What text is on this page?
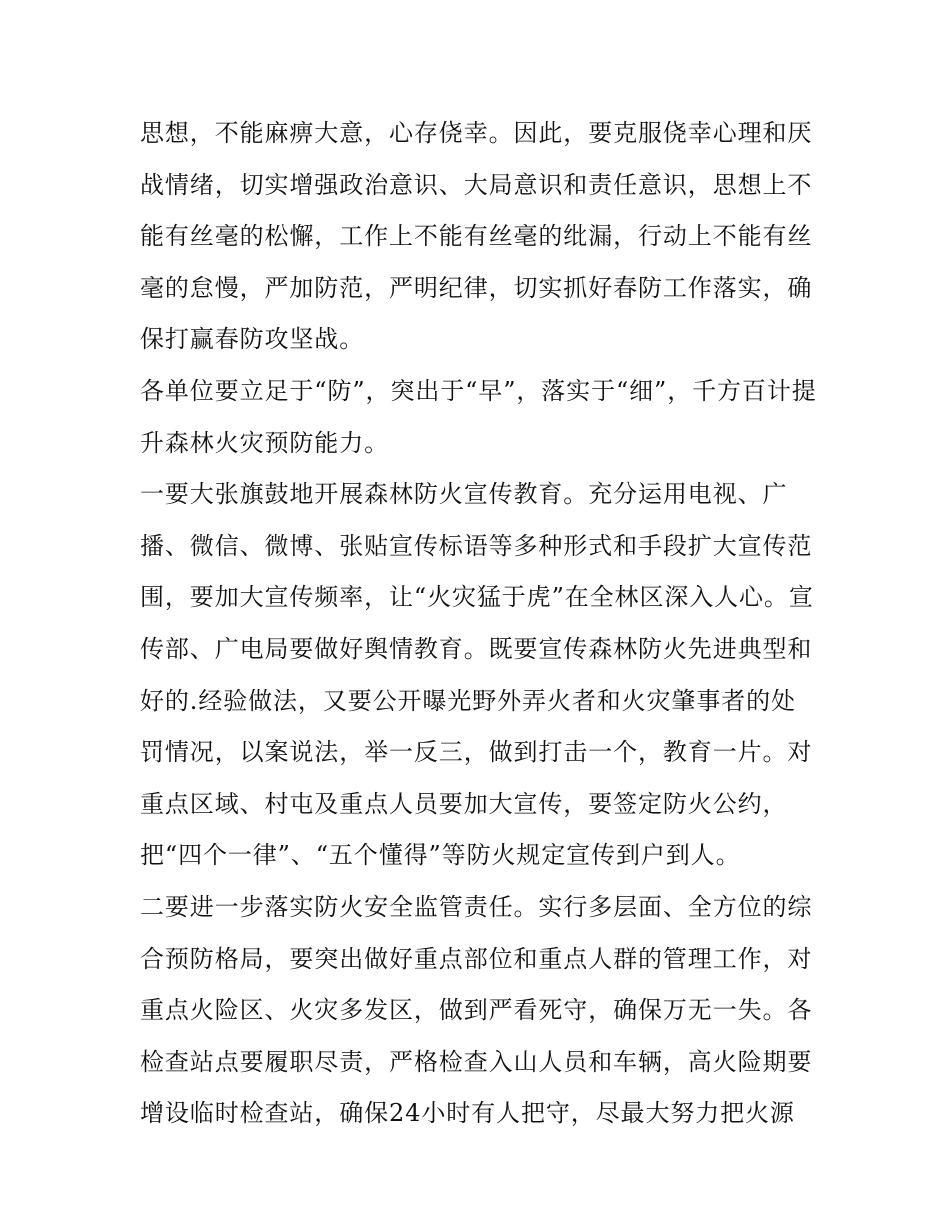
思想，不能麻痹大意，心存侥幸。因此，要克服侥幸心理和厌
战情绪，切实增强政治意识、大局意识和责任意识，思想上不
能有丝毫的松懈，工作上不能有丝毫的纰漏，行动上不能有丝
毫的怠慢，严加防范，严明纪律，切实抓好春防工作落实，确
保打赢春防攻坚战。
各单位要立足于“防”，突出于“早”，落实于“细”，千方百计提
升森林火灾预防能力。
一要大张旗鼓地开展森林防火宣传教育。充分运用电视、广
播、微信、微博、张贴宣传标语等多种形式和手段扩大宣传范
围，要加大宣传频率，让“火灾猛于虎”在全林区深入人心。宣
传部、广电局要做好舆情教育。既要宣传森林防火先进典型和
好的.经验做法，又要公开曝光野外弄火者和火灾肇事者的处
罚情况，以案说法，举一反三，做到打击一个，教育一片。对
重点区域、村屯及重点人员要加大宣传，要签定防火公约，
把“四个一律”、“五个懂得”等防火规定宣传到户到人。
二要进一步落实防火安全监管责任。实行多层面、全方位的综
合预防格局，要突出做好重点部位和重点人群的管理工作，对
重点火险区、火灾多发区，做到严看死守，确保万无一失。各
检查站点要履职尽责，严格检查入山人员和车辆，高火险期要
增设临时检查站，确保24小时有人把守，尽最大努力把火源
